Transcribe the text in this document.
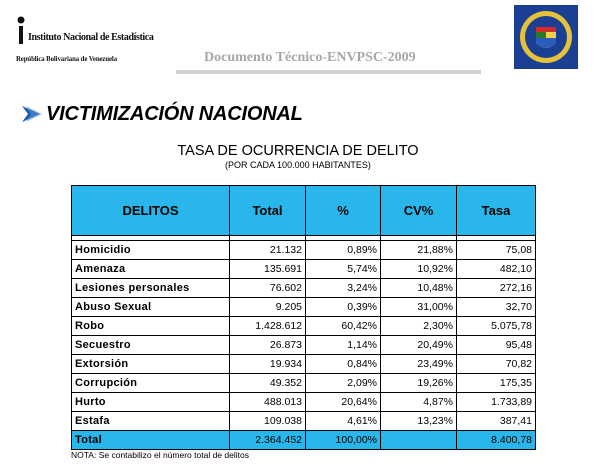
Instituto Nacional de Estadística
República Bolivariana de Venezuela	Documento Técnico-ENVPSC-2009
VICTIMIZACIÓN NACIONAL
TASA DE OCURRENCIA DE DELITO
(POR CADA 100.000 HABITANTES)
DELITOS	Total	%	CV%	Tasa

Homicidio	21.132	0,89%	21,88%	75,08
Amenaza	135.691	5,74%	10,92%	482,10
Lesiones personales	76.602	3,24%	10,48%	272,16
Abuso Sexual	9.205	0,39%	31,00%	32,70
Robo	1.428.612	60,42%	2,30%	5.075,78
Secuestro	26.873	1,14%	20,49%	95,48
Extorsión	19.934	0,84%	23,49%	70,82
Corrupción	49.352	2,09%	19,26%	175,35
Hurto	488.013	20,64%	4,87%	1.733,89
Estafa	109.038	4,61%	13,23%	387,41
Total	2.364.452	100,00%		8.400,78
NOTA: Se contabilizo el número total de delitos
